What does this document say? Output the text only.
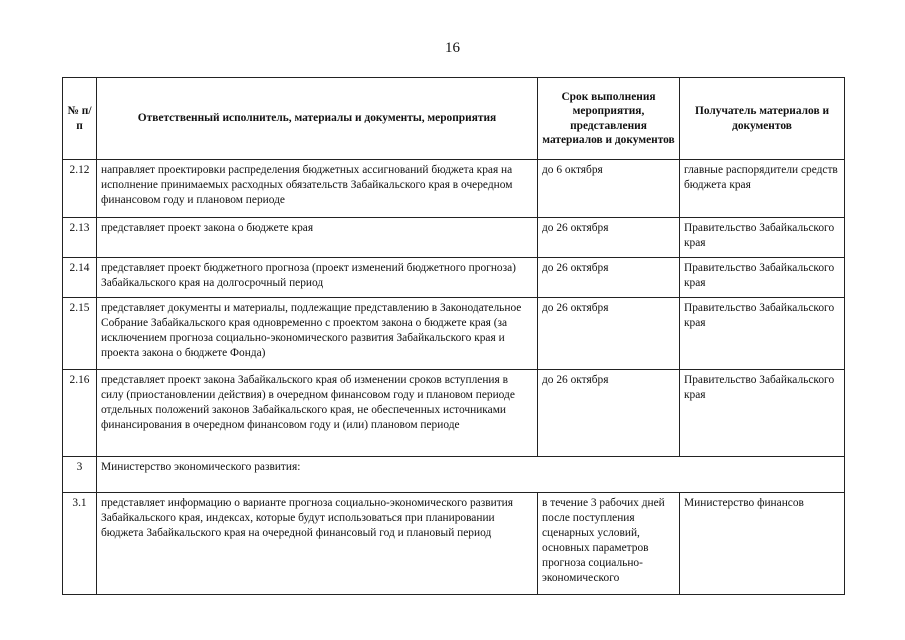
16
№ п/п	Ответственный исполнитель, материалы и документы, мероприятия	Срок выполнения мероприятия, представления материалов и документов	Получатель материалов и документов
2.12	направляет проектировки распределения бюджетных ассигнований бюджета края на исполнение принимаемых расходных обязательств Забайкальского края в очередном финансовом году и плановом периоде	до 6 октября	главные распорядители средств бюджета края
2.13	представляет проект закона о бюджете края	до 26 октября	Правительство Забайкальского края
2.14	представляет проект бюджетного прогноза (проект изменений бюджетного прогноза) Забайкальского края на долгосрочный период	до 26 октября	Правительство Забайкальского края
2.15	представляет документы и материалы, подлежащие представлению в Законодательное Собрание Забайкальского края одновременно с проектом закона о бюджете края (за исключением прогноза социально-экономического развития Забайкальского края и проекта закона о бюджете Фонда)	до 26 октября	Правительство Забайкальского края
2.16	представляет проект закона Забайкальского края об изменении сроков вступления в силу (приостановлении действия) в очередном финансовом году и плановом периоде отдельных положений законов Забайкальского края, не обеспеченных источниками финансирования в очередном финансовом году и (или) плановом периоде	до 26 октября	Правительство Забайкальского края
3	Министерство экономического развития:		
3.1	представляет информацию о варианте прогноза социально-экономического развития Забайкальского края, индексах, которые будут использоваться при планировании бюджета Забайкальского края на очередной финансовый год и плановый период	в течение 3 рабочих дней после поступления сценарных условий, основных параметров прогноза социально-экономического	Министерство финансов
